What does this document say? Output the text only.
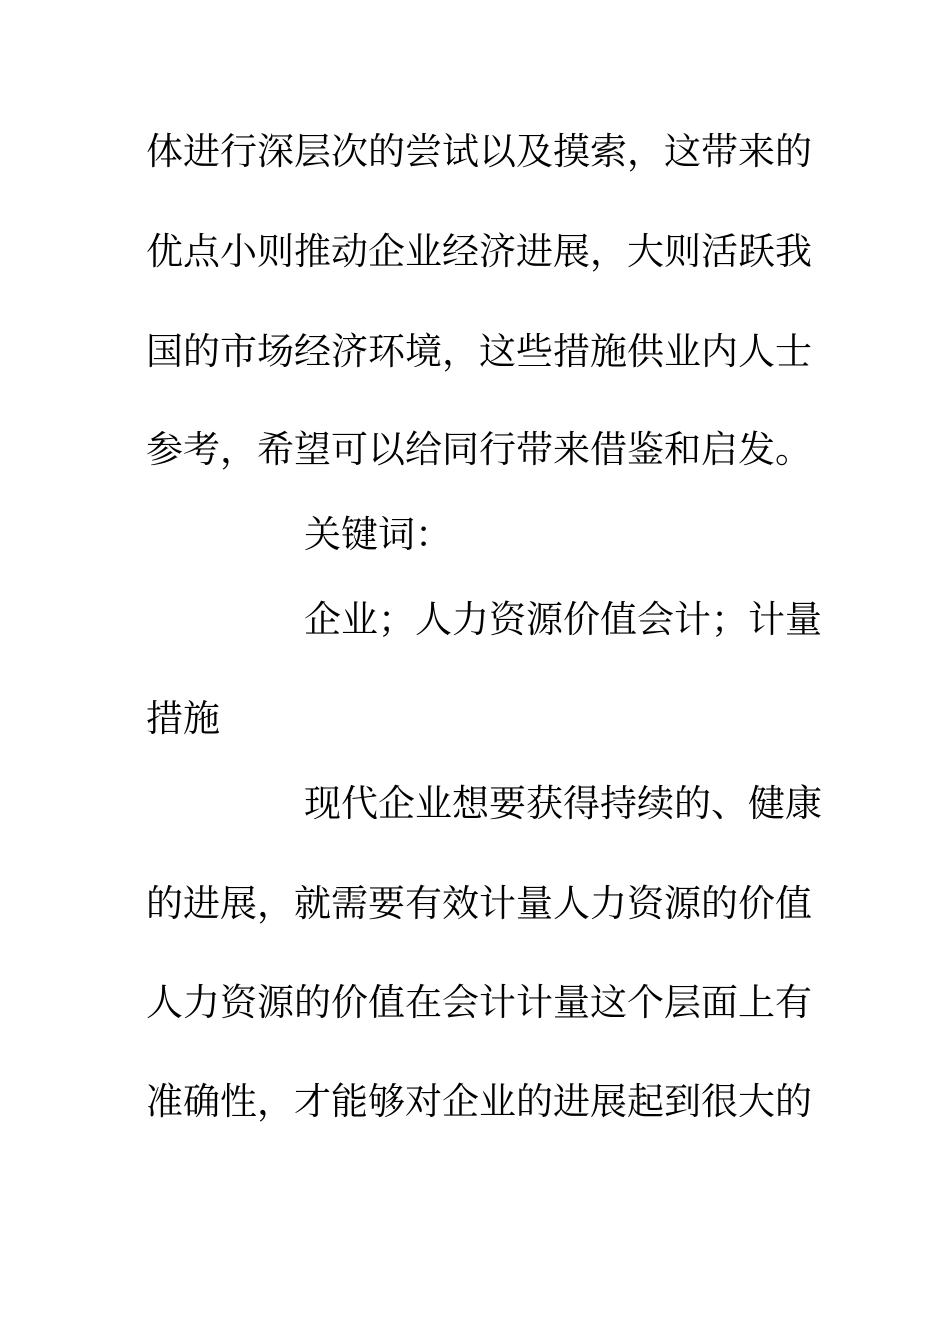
体进行深层次的尝试以及摸索，这带来的
优点小则推动企业经济进展，大则活跃我
国的市场经济环境，这些措施供业内人士
参考，希望可以给同行带来借鉴和启发。
关键词：
企业；人力资源价值会计；计量
措施
现代企业想要获得持续的、健康
的进展，就需要有效计量人力资源的价值
人力资源的价值在会计计量这个层面上有
准确性，才能够对企业的进展起到很大的
